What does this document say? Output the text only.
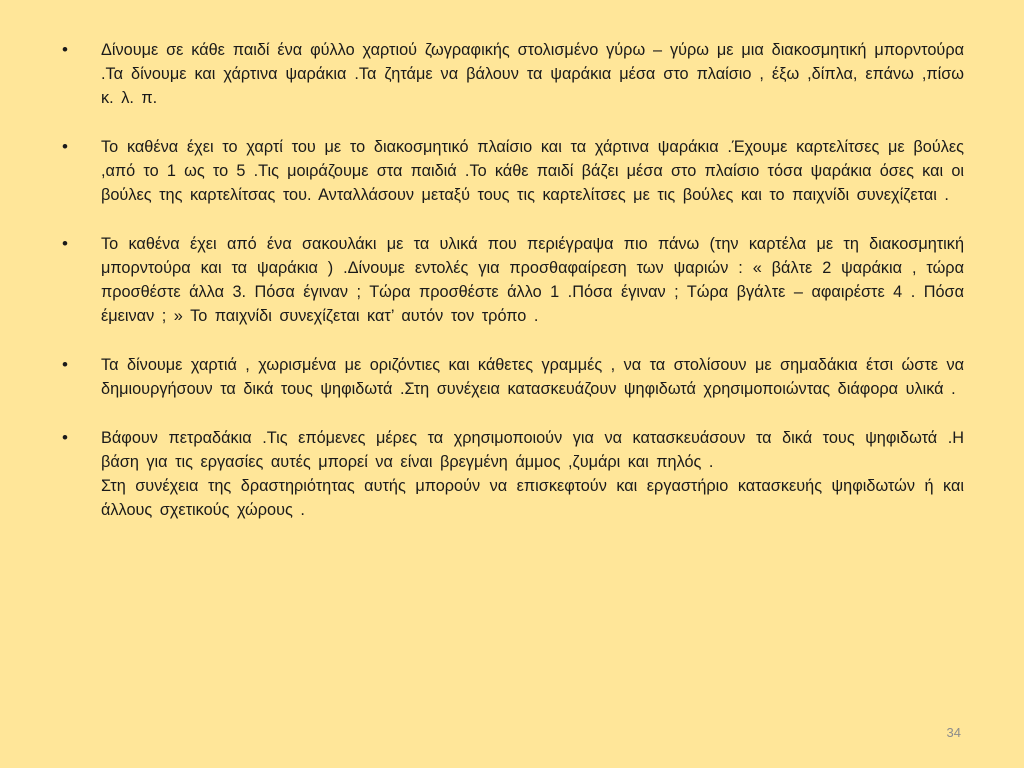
• Δίνουμε σε κάθε παιδί ένα φύλλο χαρτιού ζωγραφικής στολισμένο γύρω – γύρω με μια διακοσμητική μπορντούρα .Τα δίνουμε και χάρτινα ψαράκια .Τα ζητάμε να βάλουν τα ψαράκια μέσα στο πλαίσιο , έξω ,δίπλα, επάνω ,πίσω κ. λ. π.

• Το καθένα έχει το χαρτί του με το διακοσμητικό πλαίσιο και τα χάρτινα ψαράκια .Έχουμε καρτελίτσες με βούλες ,από το 1 ως το 5 .Τις μοιράζουμε στα παιδιά .Το κάθε παιδί βάζει μέσα στο πλαίσιο τόσα ψαράκια όσες και οι βούλες της καρτελίτσας του. Ανταλλάσουν μεταξύ τους τις καρτελίτσες με τις βούλες και το παιχνίδι συνεχίζεται .

• Το καθένα έχει από ένα σακουλάκι με τα υλικά που περιέγραψα πιο πάνω (την καρτέλα με τη διακοσμητική μπορντούρα και τα ψαράκια ) .Δίνουμε εντολές για προσθαφαίρεση των ψαριών : « βάλτε 2 ψαράκια , τώρα προσθέστε άλλα 3. Πόσα έγιναν ; Τώρα προσθέστε άλλο 1 .Πόσα έγιναν ; Τώρα βγάλτε – αφαιρέστε 4 . Πόσα έμειναν ; » Το παιχνίδι συνεχίζεται κατ’ αυτόν τον τρόπο .

• Τα δίνουμε χαρτιά , χωρισμένα με οριζόντιες και κάθετες γραμμές , να τα στολίσουν με σημαδάκια έτσι ώστε να δημιουργήσουν τα δικά τους ψηφιδωτά .Στη συνέχεια κατασκευάζουν ψηφιδωτά χρησιμοποιώντας διάφορα υλικά .

• Βάφουν πετραδάκια .Τις επόμενες μέρες τα χρησιμοποιούν για να κατασκευάσουν τα δικά τους ψηφιδωτά .Η βάση για τις εργασίες αυτές μπορεί να είναι βρεγμένη άμμος ,ζυμάρι και πηλός .

Στη συνέχεια της δραστηριότητας αυτής μπορούν να επισκεφτούν και εργαστήριο κατασκευής ψηφιδωτών ή και άλλους σχετικούς χώρους .

34
